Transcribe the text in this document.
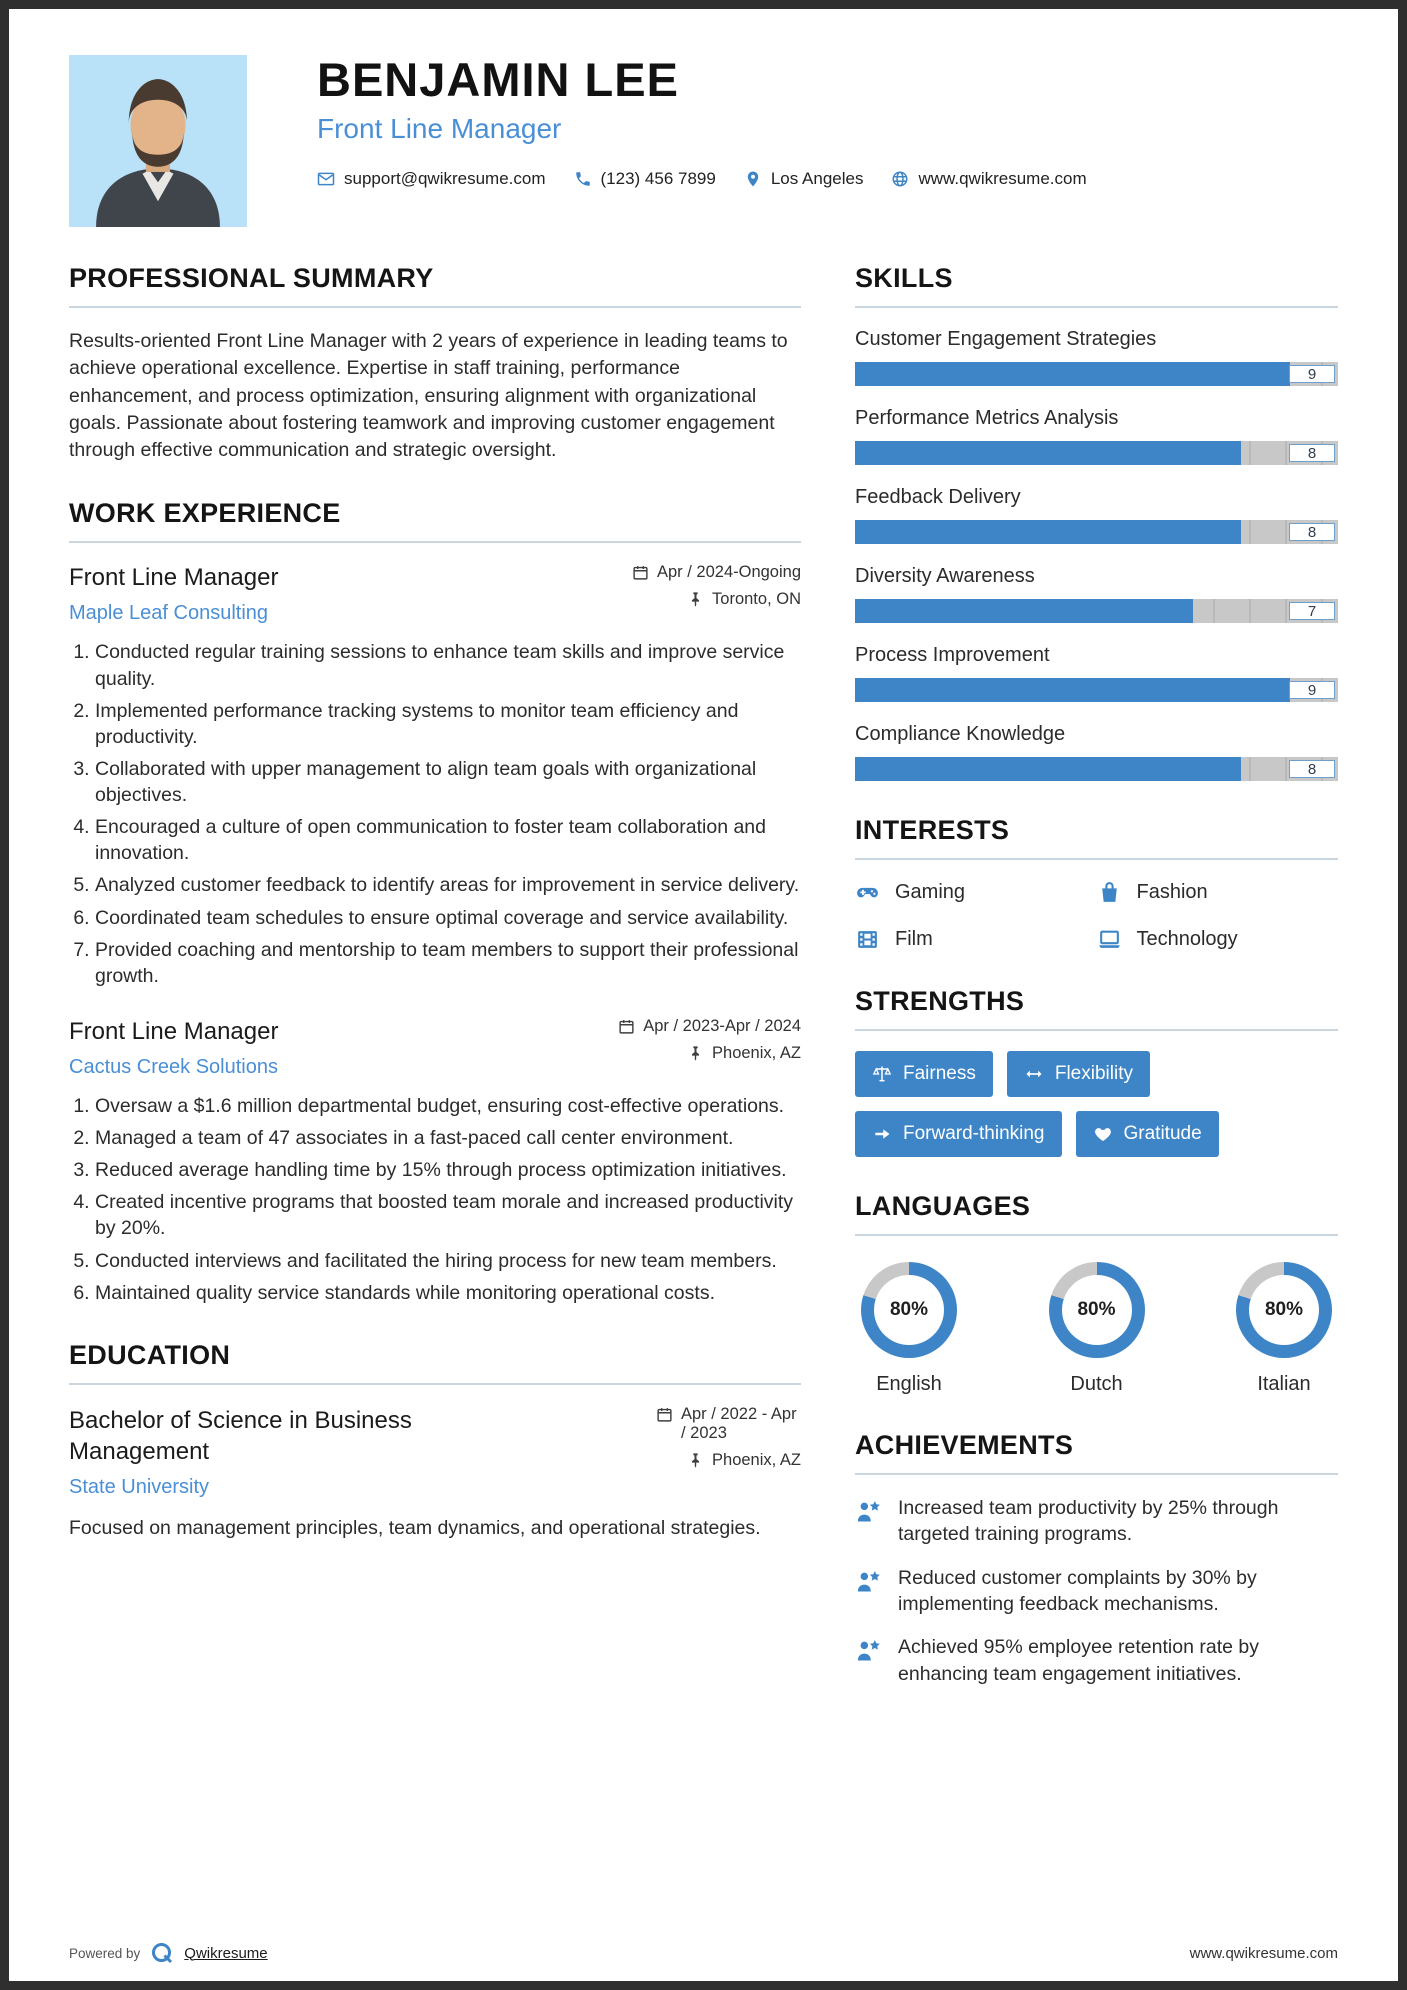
BENJAMIN LEE
Front Line Manager
support@qwikresume.com	(123) 456 7899	Los Angeles	www.qwikresume.com
PROFESSIONAL SUMMARY

Results-oriented Front Line Manager with 2 years of experience in leading teams to achieve operational excellence. Expertise in staff training, performance enhancement, and process optimization, ensuring alignment with organizational goals. Passionate about fostering teamwork and improving customer engagement through effective communication and strategic oversight.

WORK EXPERIENCE
Front Line Manager
Maple Leaf Consulting
Apr / 2024-Ongoing
Toronto, ON
1. Conducted regular training sessions to enhance team skills and improve service quality.
2. Implemented performance tracking systems to monitor team efficiency and productivity.
3. Collaborated with upper management to align team goals with organizational objectives.
4. Encouraged a culture of open communication to foster team collaboration and innovation.
5. Analyzed customer feedback to identify areas for improvement in service delivery.
6. Coordinated team schedules to ensure optimal coverage and service availability.
7. Provided coaching and mentorship to team members to support their professional growth.
Front Line Manager
Cactus Creek Solutions
Apr / 2023-Apr / 2024
Phoenix, AZ
1. Oversaw a $1.6 million departmental budget, ensuring cost-effective operations.
2. Managed a team of 47 associates in a fast-paced call center environment.
3. Reduced average handling time by 15% through process optimization initiatives.
4. Created incentive programs that boosted team morale and increased productivity by 20%.
5. Conducted interviews and facilitated the hiring process for new team members.
6. Maintained quality service standards while monitoring operational costs.
EDUCATION
Bachelor of Science in Business Management
State University
Apr / 2022 - Apr / 2023
Phoenix, AZ

Focused on management principles, team dynamics, and operational strategies.

SKILLS
Customer Engagement Strategies
9
Performance Metrics Analysis
8
Feedback Delivery
8
Diversity Awareness
7
Process Improvement
9
Compliance Knowledge
8
INTERESTS
Gaming	Fashion
Film	Technology
STRENGTHS
Fairness	Flexibility
Forward-thinking	Gratitude
LANGUAGES
80%
English
80%
Dutch
80%
Italian
ACHIEVEMENTS
Increased team productivity by 25% through targeted training programs.
Reduced customer complaints by 30% by implementing feedback mechanisms.
Achieved 95% employee retention rate by enhancing team engagement initiatives.
Powered by	Qwikresume	www.qwikresume.com
